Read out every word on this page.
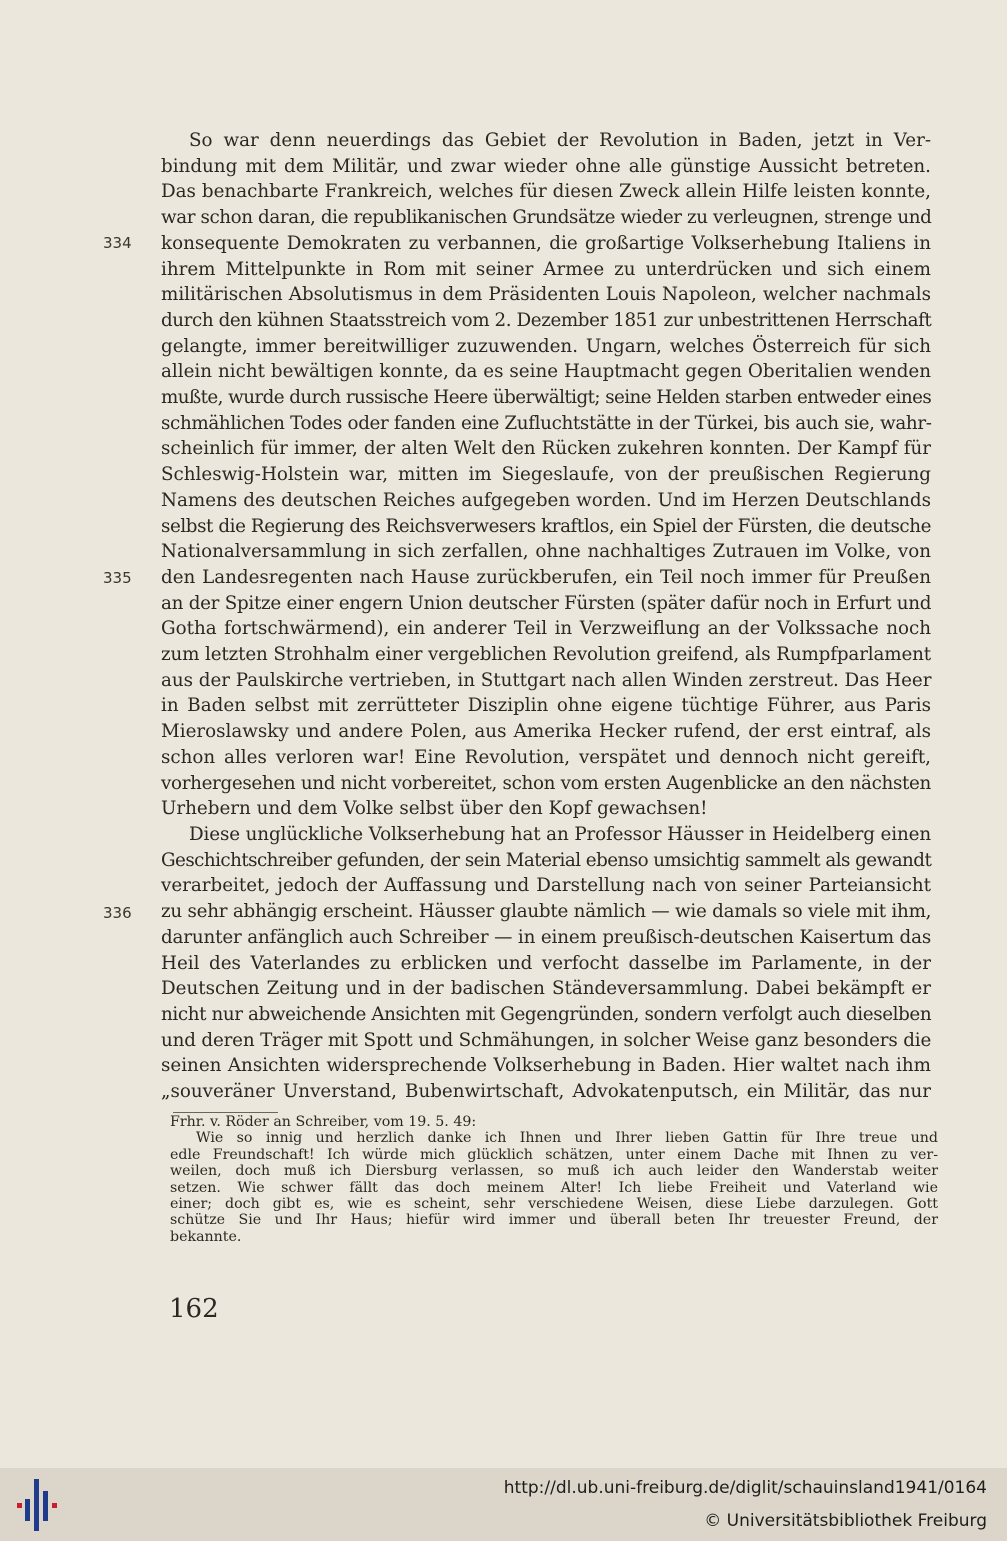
334
335
336
So war denn neuerdings das Gebiet der Revolution in Baden, jetzt in Ver-
bindung mit dem Militär, und zwar wieder ohne alle günstige Aussicht betreten.
Das benachbarte Frankreich, welches für diesen Zweck allein Hilfe leisten konnte,
war schon daran, die republikanischen Grundsätze wieder zu verleugnen, strenge und
konsequente Demokraten zu verbannen, die großartige Volkserhebung Italiens in
ihrem Mittelpunkte in Rom mit seiner Armee zu unterdrücken und sich einem
militärischen Absolutismus in dem Präsidenten Louis Napoleon, welcher nachmals
durch den kühnen Staatsstreich vom 2. Dezember 1851 zur unbestrittenen Herrschaft
gelangte, immer bereitwilliger zuzuwenden. Ungarn, welches Österreich für sich
allein nicht bewältigen konnte, da es seine Hauptmacht gegen Oberitalien wenden
mußte, wurde durch russische Heere überwältigt; seine Helden starben entweder eines
schmählichen Todes oder fanden eine Zufluchtstätte in der Türkei, bis auch sie, wahr-
scheinlich für immer, der alten Welt den Rücken zukehren konnten. Der Kampf für
Schleswig-Holstein war, mitten im Siegeslaufe, von der preußischen Regierung
Namens des deutschen Reiches aufgegeben worden. Und im Herzen Deutschlands
selbst die Regierung des Reichsverwesers kraftlos, ein Spiel der Fürsten, die deutsche
Nationalversammlung in sich zerfallen, ohne nachhaltiges Zutrauen im Volke, von
den Landesregenten nach Hause zurückberufen, ein Teil noch immer für Preußen
an der Spitze einer engern Union deutscher Fürsten (später dafür noch in Erfurt und
Gotha fortschwärmend), ein anderer Teil in Verzweiflung an der Volkssache noch
zum letzten Strohhalm einer vergeblichen Revolution greifend, als Rumpfparlament
aus der Paulskirche vertrieben, in Stuttgart nach allen Winden zerstreut. Das Heer
in Baden selbst mit zerrütteter Disziplin ohne eigene tüchtige Führer, aus Paris
Mieroslawsky und andere Polen, aus Amerika Hecker rufend, der erst eintraf, als
schon alles verloren war! Eine Revolution, verspätet und dennoch nicht gereift,
vorhergesehen und nicht vorbereitet, schon vom ersten Augenblicke an den nächsten
Urhebern und dem Volke selbst über den Kopf gewachsen!
Diese unglückliche Volkserhebung hat an Professor Häusser in Heidelberg einen
Geschichtschreiber gefunden, der sein Material ebenso umsichtig sammelt als gewandt
verarbeitet, jedoch der Auffassung und Darstellung nach von seiner Parteiansicht
zu sehr abhängig erscheint. Häusser glaubte nämlich — wie damals so viele mit ihm,
darunter anfänglich auch Schreiber — in einem preußisch-deutschen Kaisertum das
Heil des Vaterlandes zu erblicken und verfocht dasselbe im Parlamente, in der
Deutschen Zeitung und in der badischen Ständeversammlung. Dabei bekämpft er
nicht nur abweichende Ansichten mit Gegengründen, sondern verfolgt auch dieselben
und deren Träger mit Spott und Schmähungen, in solcher Weise ganz besonders die
seinen Ansichten widersprechende Volkserhebung in Baden. Hier waltet nach ihm
„souveräner Unverstand, Bubenwirtschaft, Advokatenputsch, ein Militär, das nur
Frhr. v. Röder an Schreiber, vom 19. 5. 49:
Wie so innig und herzlich danke ich Ihnen und Ihrer lieben Gattin für Ihre treue und
edle Freundschaft! Ich würde mich glücklich schätzen, unter einem Dache mit Ihnen zu ver-
weilen, doch muß ich Diersburg verlassen, so muß ich auch leider den Wanderstab weiter
setzen. Wie schwer fällt das doch meinem Alter! Ich liebe Freiheit und Vaterland wie
einer; doch gibt es, wie es scheint, sehr verschiedene Weisen, diese Liebe darzulegen. Gott
schütze Sie und Ihr Haus; hiefür wird immer und überall beten Ihr treuester Freund, der
bekannte.
162
http://dl.ub.uni-freiburg.de/diglit/schauinsland1941/0164
© Universitätsbibliothek Freiburg
